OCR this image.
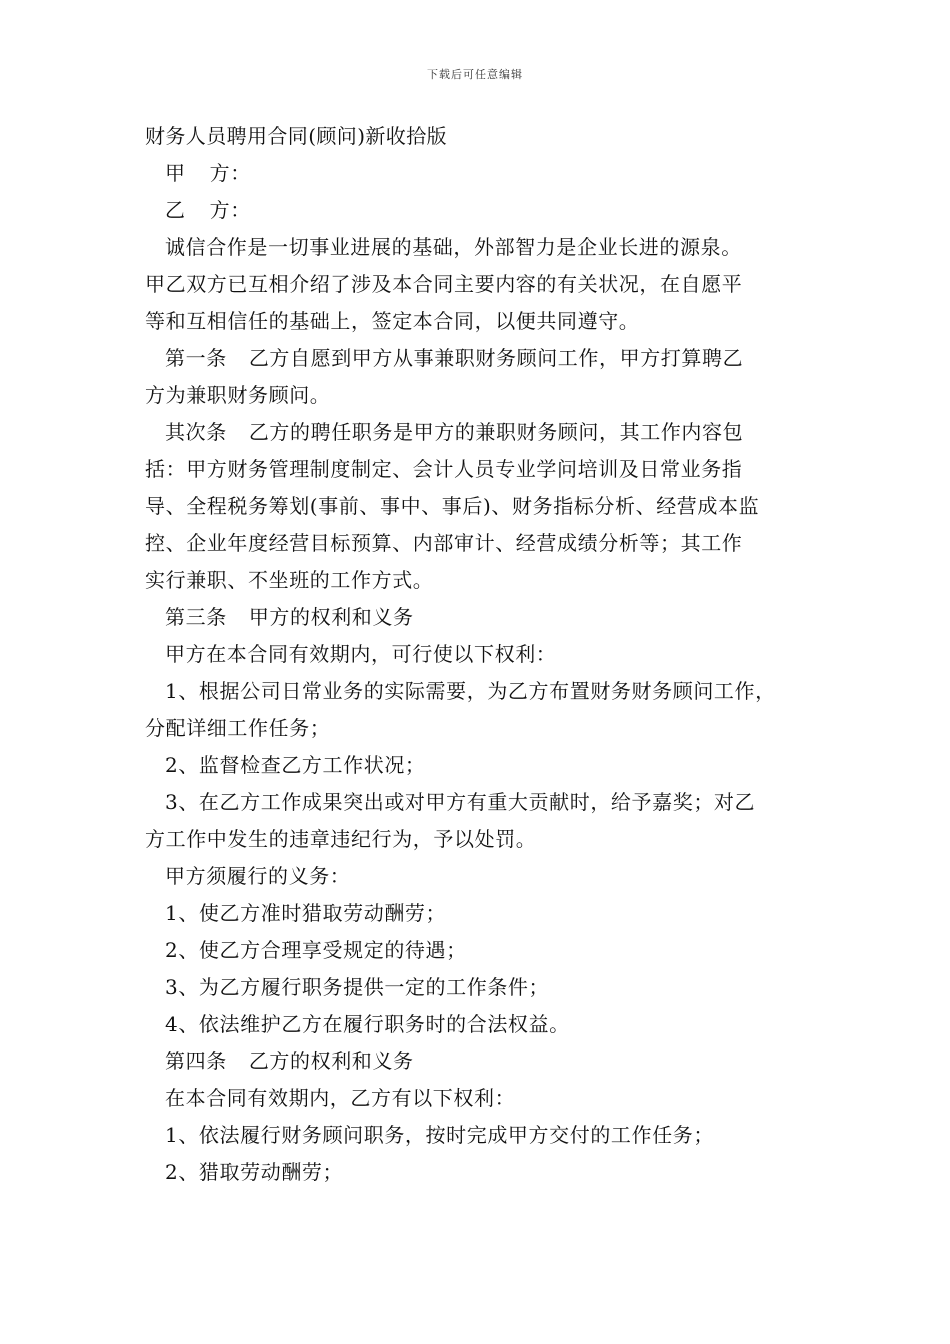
下载后可任意编辑
财务人员聘用合同(顾问)新收拾版
甲 方：
乙 方：
诚信合作是一切事业进展的基础，外部智力是企业长进的源泉。
甲乙双方已互相介绍了涉及本合同主要内容的有关状况，在自愿平
等和互相信任的基础上，签定本合同，以便共同遵守。
第一条 乙方自愿到甲方从事兼职财务顾问工作，甲方打算聘乙
方为兼职财务顾问。
其次条 乙方的聘任职务是甲方的兼职财务顾问，其工作内容包
括：甲方财务管理制度制定、会计人员专业学问培训及日常业务指
导、全程税务筹划(事前、事中、事后)、财务指标分析、经营成本监
控、企业年度经营目标预算、内部审计、经营成绩分析等；其工作
实行兼职、不坐班的工作方式。
第三条 甲方的权利和义务
甲方在本合同有效期内，可行使以下权利：
1、根据公司日常业务的实际需要，为乙方布置财务财务顾问工作，
分配详细工作任务；
2、监督检查乙方工作状况；
3、在乙方工作成果突出或对甲方有重大贡献时，给予嘉奖；对乙
方工作中发生的违章违纪行为，予以处罚。
甲方须履行的义务：
1、使乙方准时猎取劳动酬劳；
2、使乙方合理享受规定的待遇；
3、为乙方履行职务提供一定的工作条件；
4、依法维护乙方在履行职务时的合法权益。
第四条 乙方的权利和义务
在本合同有效期内，乙方有以下权利：
1、依法履行财务顾问职务，按时完成甲方交付的工作任务；
2、猎取劳动酬劳；
